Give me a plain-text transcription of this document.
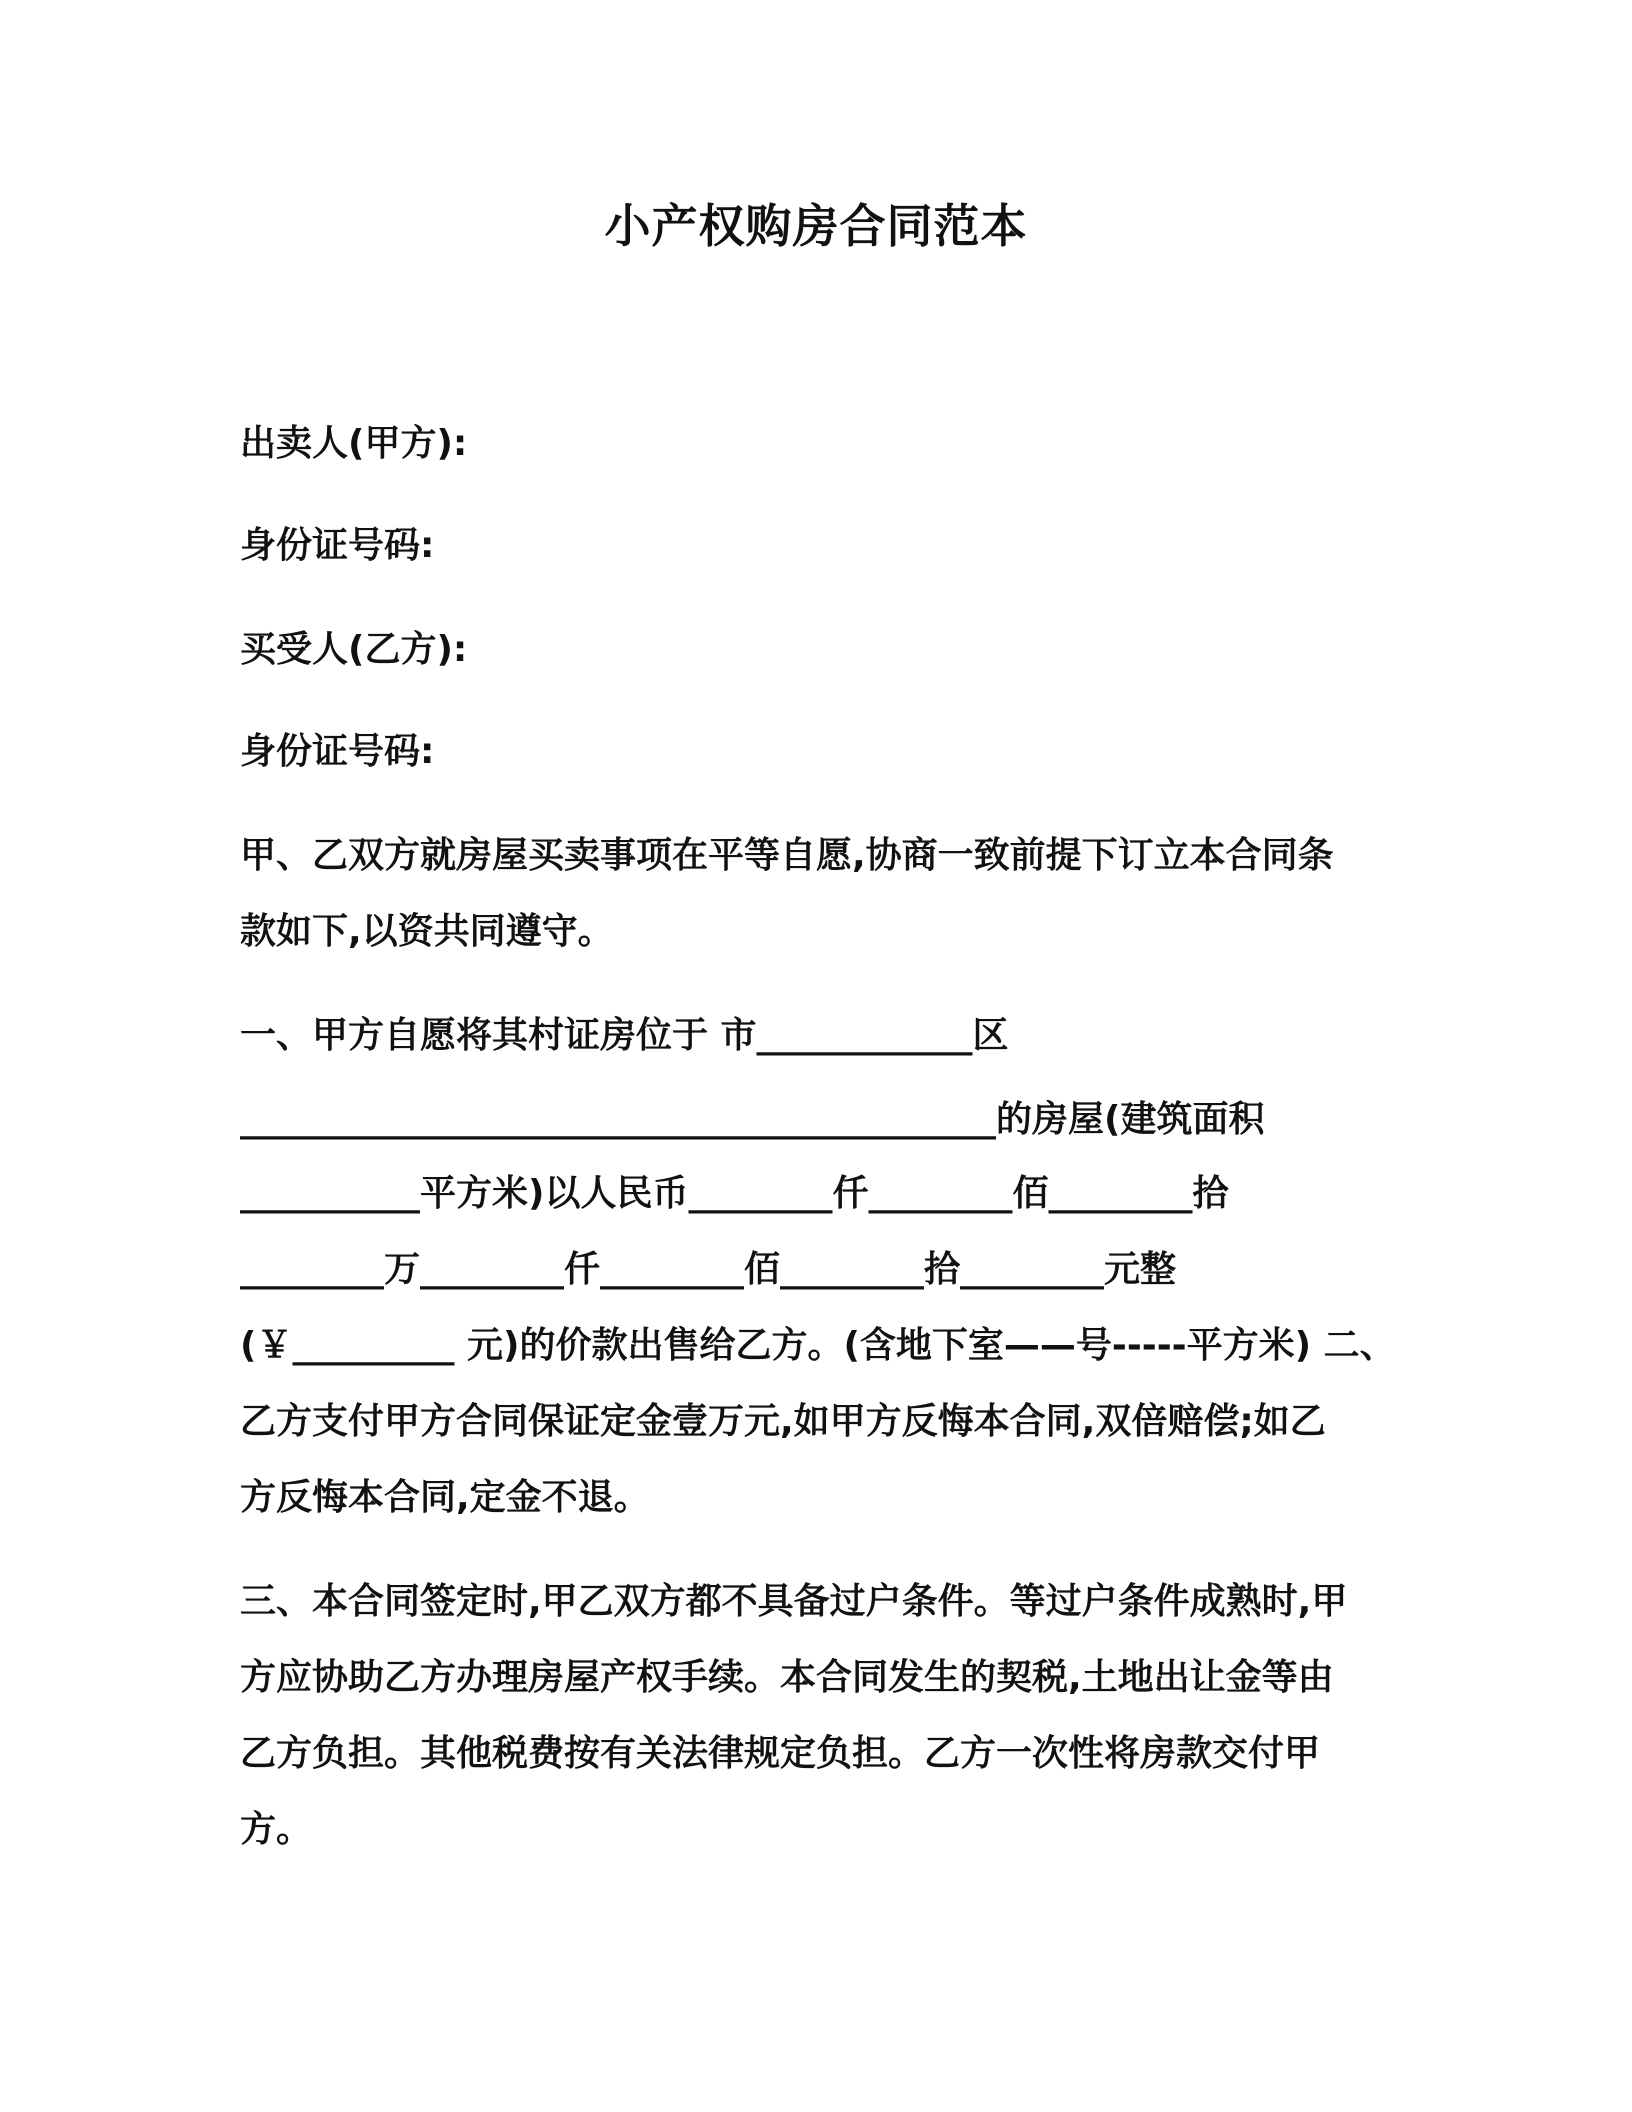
小产权购房合同范本
出卖人(甲方):
身份证号码:
买受人(乙方):
身份证号码:
甲、乙双方就房屋买卖事项在平等自愿,协商一致前提下订立本合同条
款如下,以资共同遵守。
一、甲方自愿将其村证房位于 市____________区
__________________________________________的房屋(建筑面积
__________平方米)以人民币________仟________佰________拾
________万________仟________佰________拾________元整
(￥_________ 元)的价款出售给乙方。(含地下室——号-----平方米) 二、
乙方支付甲方合同保证定金壹万元,如甲方反悔本合同,双倍赔偿;如乙
方反悔本合同,定金不退。
三、本合同签定时,甲乙双方都不具备过户条件。等过户条件成熟时,甲
方应协助乙方办理房屋产权手续。本合同发生的契税,土地出让金等由
乙方负担。其他税费按有关法律规定负担。乙方一次性将房款交付甲
方。
